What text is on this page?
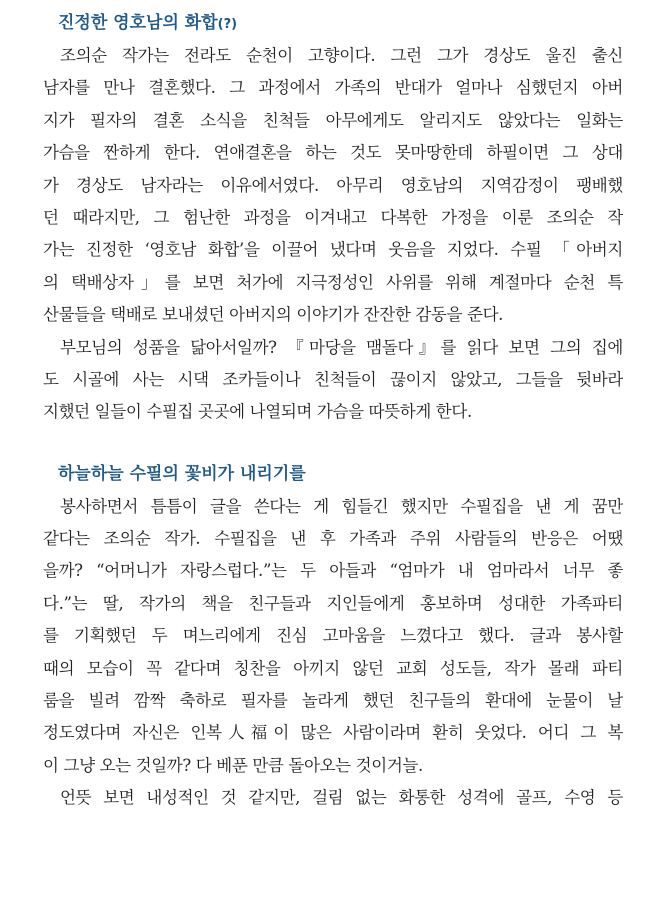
진정한 영호남의 화합(?)

조의순 작가는 전라도 순천이 고향이다. 그런 그가 경상도 울진 출신

남자를 만나 결혼했다. 그 과정에서 가족의 반대가 얼마나 심했던지 아버

지가 필자의 결혼 소식을 친척들 아무에게도 알리지도 않았다는 일화는

가슴을 짠하게 한다. 연애결혼을 하는 것도 못마땅한데 하필이면 그 상대

가 경상도 남자라는 이유에서였다. 아무리 영호남의 지역감정이 팽배했

던 때라지만, 그 험난한 과정을 이겨내고 다복한 가정을 이룬 조의순 작

가는 진정한 ‘영호남 화합’을 이끌어 냈다며 웃음을 지었다. 수필 「아버지

의 택배상자」를 보면 처가에 지극정성인 사위를 위해 계절마다 순천 특

산물들을 택배로 보내셨던 아버지의 이야기가 잔잔한 감동을 준다.

부모님의 성품을 닮아서일까? 『마당을 맴돌다』를 읽다 보면 그의 집에

도 시골에 사는 시댁 조카들이나 친척들이 끊이지 않았고, 그들을 뒷바라

지했던 일들이 수필집 곳곳에 나열되며 가슴을 따뜻하게 한다.

하늘하늘 수필의 꽃비가 내리기를

봉사하면서 틈틈이 글을 쓴다는 게 힘들긴 했지만 수필집을 낸 게 꿈만

같다는 조의순 작가. 수필집을 낸 후 가족과 주위 사람들의 반응은 어땠

을까? “어머니가 자랑스럽다.”는 두 아들과 “엄마가 내 엄마라서 너무 좋

다.”는 딸, 작가의 책을 친구들과 지인들에게 홍보하며 성대한 가족파티

를 기획했던 두 며느리에게 진심 고마움을 느꼈다고 했다. 글과 봉사할

때의 모습이 꼭 같다며 칭찬을 아끼지 않던 교회 성도들, 작가 몰래 파티

룸을 빌려 깜짝 축하로 필자를 놀라게 했던 친구들의 환대에 눈물이 날

정도였다며 자신은 인복人福이 많은 사람이라며 환히 웃었다. 어디 그 복

이 그냥 오는 것일까? 다 베푼 만큼 돌아오는 것이거늘.

언뜻 보면 내성적인 것 같지만, 걸림 없는 화통한 성격에 골프, 수영 등
